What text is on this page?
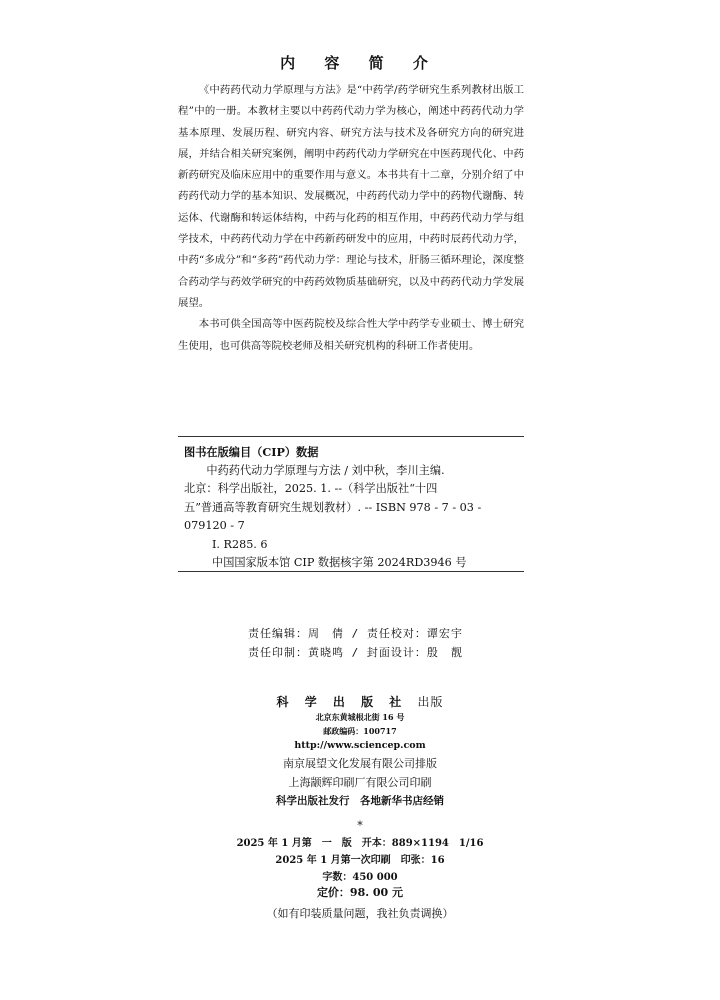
内 容 简 介

《中药药代动力学原理与方法》是“中药学/药学研究生系列教材出版工程”中的一册。本教材主要以中药药代动力学为核心，阐述中药药代动力学基本原理、发展历程、研究内容、研究方法与技术及各研究方向的研究进展，并结合相关研究案例，阐明中药药代动力学研究在中医药现代化、中药新药研究及临床应用中的重要作用与意义。本书共有十二章，分别介绍了中药药代动力学的基本知识、发展概况，中药药代动力学中的药物代谢酶、转运体、代谢酶和转运体结构，中药与化药的相互作用，中药药代动力学与组学技术，中药药代动力学在中药新药研发中的应用，中药时辰药代动力学，中药“多成分”和“多药”药代动力学：理论与技术，肝肠三循环理论，深度整合药动学与药效学研究的中药药效物质基础研究，以及中药药代动力学发展展望。

本书可供全国高等中医药院校及综合性大学中药学专业硕士、博士研究生使用，也可供高等院校老师及相关研究机构的科研工作者使用。

图书在版编目（CIP）数据
中药药代动力学原理与方法 / 刘中秋，李川主编.
北京：科学出版社，2025. 1. --（科学出版社“十四
五”普通高等教育研究生规划教材）. -- ISBN 978 - 7 - 03 -
079120 - 7
Ⅰ. R285. 6
中国国家版本馆 CIP 数据核字第 2024RD3946 号
责任编辑：周　倩 / 责任校对：谭宏宇
责任印制：黄晓鸣 / 封面设计：殷　靓
科 学 出 版 社 出版
北京东黄城根北街 16 号
邮政编码：100717
http://www.sciencep.com
南京展望文化发展有限公司排版
上海颛辉印刷厂有限公司印刷
科学出版社发行　各地新华书店经销
*
2025 年 1 月第　一　版　开本：889×1194　1/16
2025 年 1 月第一次印刷　印张：16
字数：450 000
定价：98. 00 元
（如有印装质量问题，我社负责调换）
